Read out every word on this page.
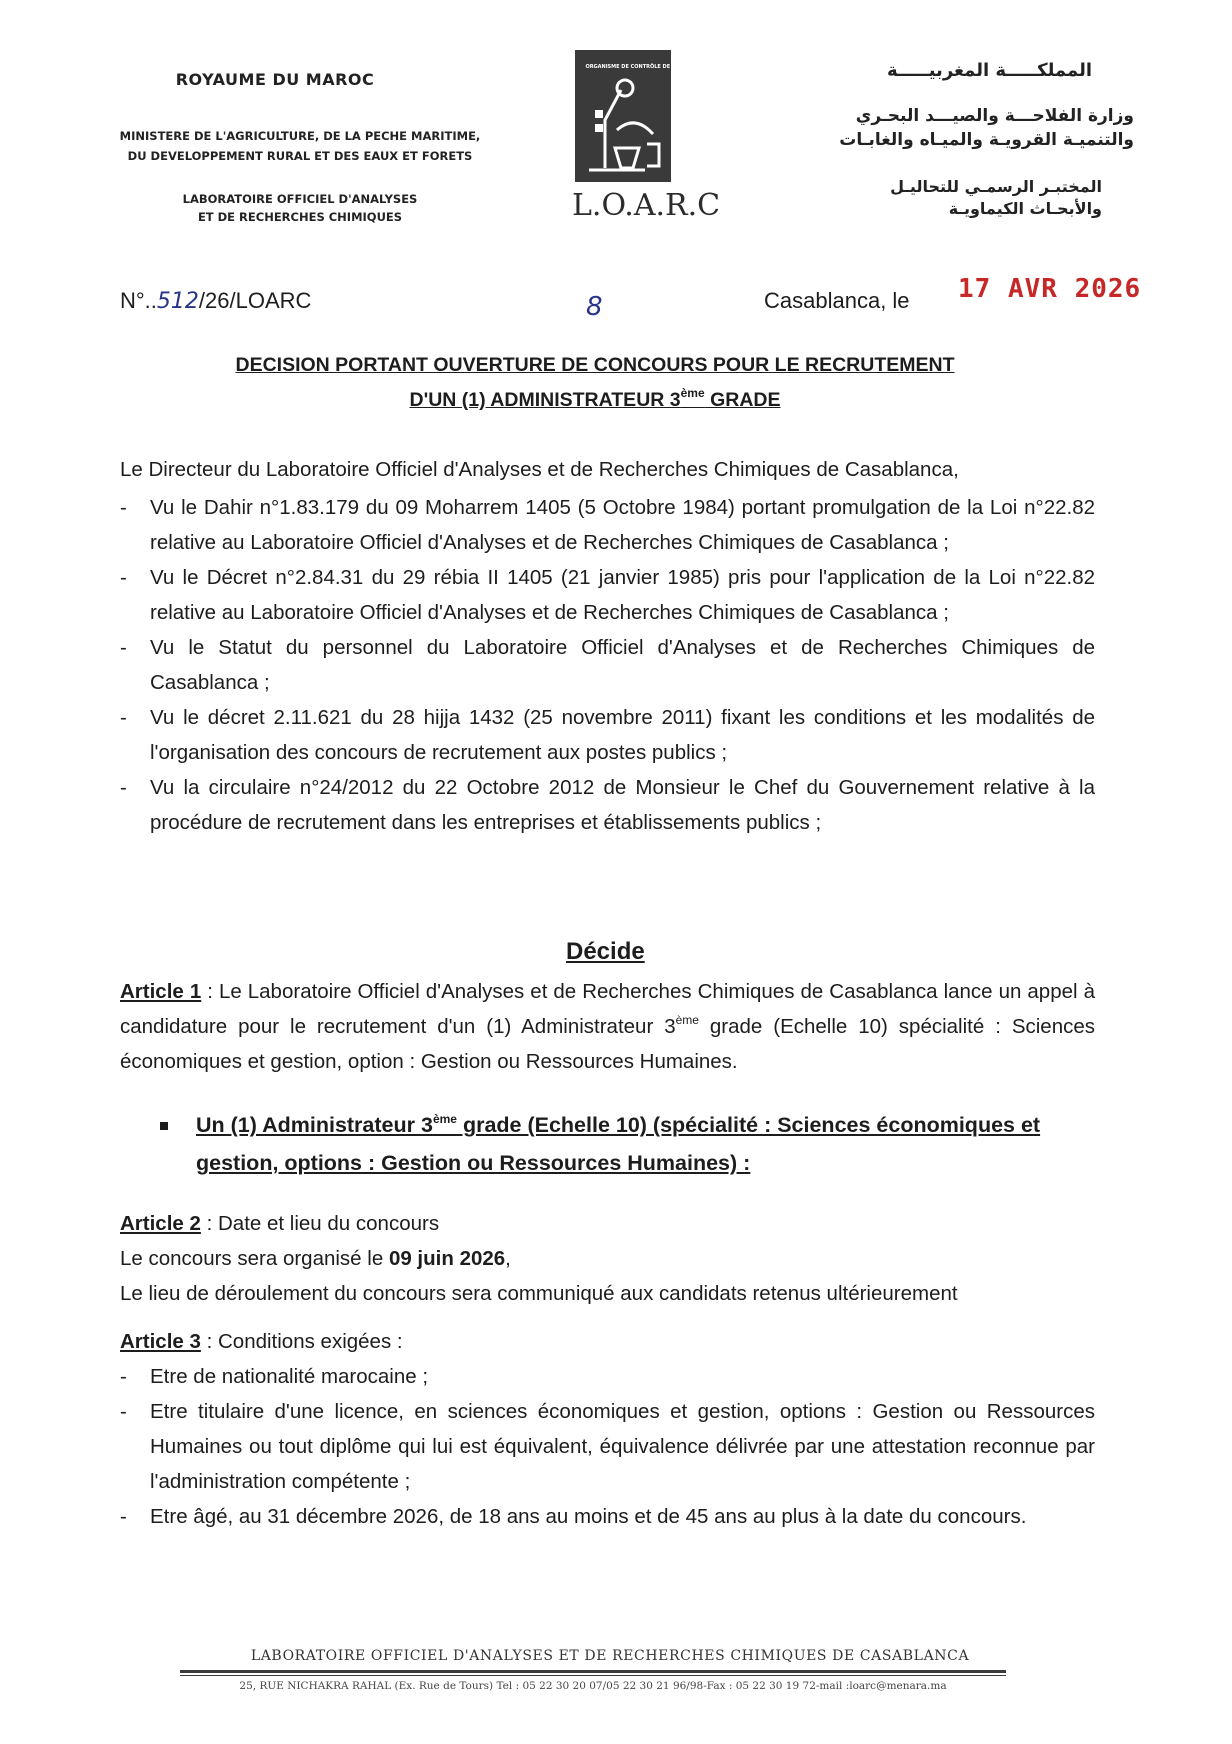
ROYAUME DU MAROC
MINISTERE DE L'AGRICULTURE, DE LA PECHE MARITIME,
DU DEVELOPPEMENT RURAL ET DES EAUX ET FORETS
LABORATOIRE OFFICIEL D'ANALYSES
ET DE RECHERCHES CHIMIQUES
ORGANISME DE CONTRÔLE DE LA QUALITÉ
L.O.A.R.C
المملكـــــة المغربيـــــة
وزارة الفلاحـــة والصيـــد البحـري
والتنميـة القرويـة والميـاه والغابـات
المختبـر الرسمـي للتحاليـل
والأبحـاث الكيماويـة
N°..512/26/LOARC	8	Casablanca, le 17 AVR 2026
DECISION PORTANT OUVERTURE DE CONCOURS POUR LE RECRUTEMENT
D'UN (1) ADMINISTRATEUR 3ème GRADE
Le Directeur du Laboratoire Officiel d'Analyses et de Recherches Chimiques de Casablanca,
- Vu le Dahir n°1.83.179 du 09 Moharrem 1405 (5 Octobre 1984) portant promulgation de la Loi n°22.82 relative au Laboratoire Officiel d'Analyses et de Recherches Chimiques de Casablanca ;
- Vu le Décret n°2.84.31 du 29 rébia II 1405 (21 janvier 1985) pris pour l'application de la Loi n°22.82 relative au Laboratoire Officiel d'Analyses et de Recherches Chimiques de Casablanca ;
- Vu le Statut du personnel du Laboratoire Officiel d'Analyses et de Recherches Chimiques de Casablanca ;
- Vu le décret 2.11.621 du 28 hijja 1432 (25 novembre 2011) fixant les conditions et les modalités de l'organisation des concours de recrutement aux postes publics ;
- Vu la circulaire n°24/2012 du 22 Octobre 2012 de Monsieur le Chef du Gouvernement relative à la procédure de recrutement dans les entreprises et établissements publics ;
Décide
Article 1 : Le Laboratoire Officiel d'Analyses et de Recherches Chimiques de Casablanca lance un appel à candidature pour le recrutement d'un (1) Administrateur 3ème grade (Echelle 10) spécialité : Sciences économiques et gestion, option : Gestion ou Ressources Humaines.
Un (1) Administrateur 3ème grade (Echelle 10) (spécialité : Sciences économiques et gestion, options : Gestion ou Ressources Humaines) :
Article 2 : Date et lieu du concours
Le concours sera organisé le 09 juin 2026,
Le lieu de déroulement du concours sera communiqué aux candidats retenus ultérieurement
Article 3 : Conditions exigées :
- Etre de nationalité marocaine ;
- Etre titulaire d'une licence, en sciences économiques et gestion, options : Gestion ou Ressources Humaines ou tout diplôme qui lui est équivalent, équivalence délivrée par une attestation reconnue par l'administration compétente ;
- Etre âgé, au 31 décembre 2026, de 18 ans au moins et de 45 ans au plus à la date du concours.
LABORATOIRE OFFICIEL D'ANALYSES ET DE RECHERCHES CHIMIQUES DE CASABLANCA
25, RUE NICHAKRA RAHAL (Ex. Rue de Tours) Tel : 05 22 30 20 07/05 22 30 21 96/98-Fax : 05 22 30 19 72-mail :loarc@menara.ma
